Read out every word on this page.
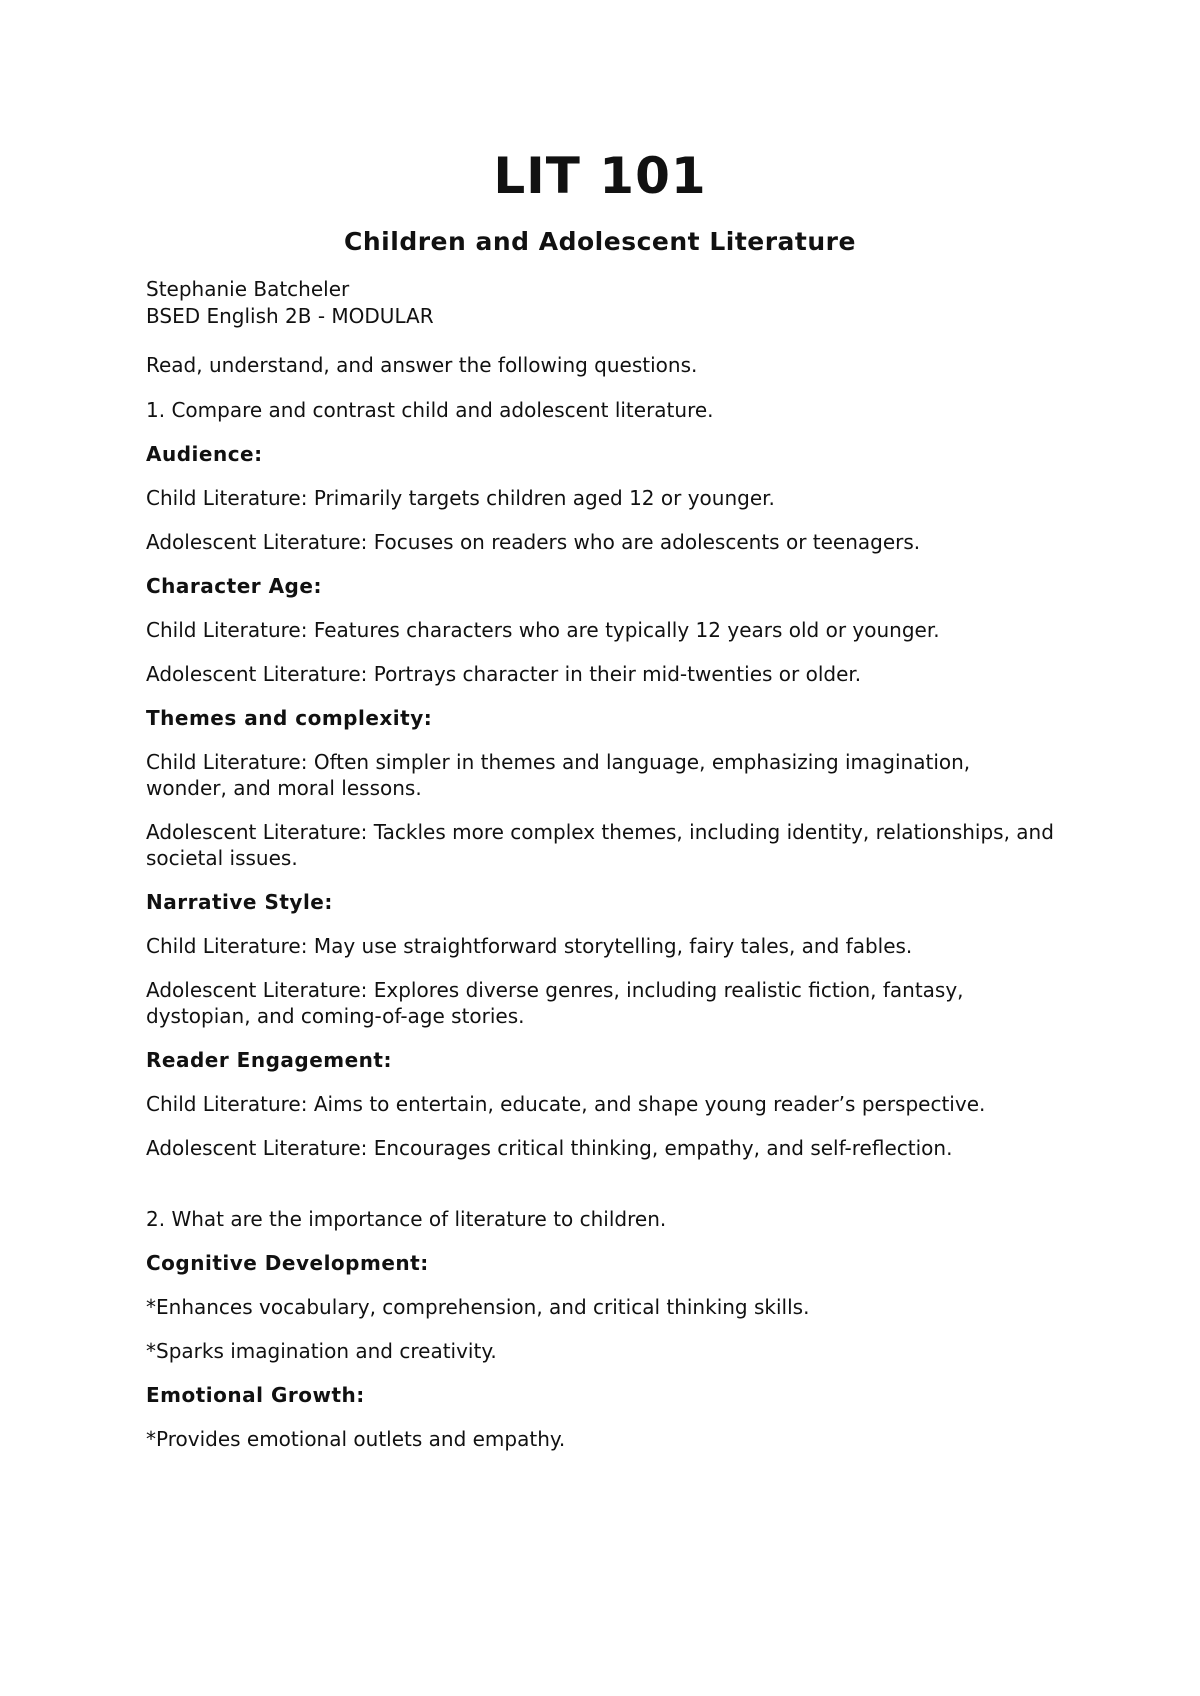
LIT 101
Children and Adolescent Literature
Stephanie Batcheler
BSED English 2B - MODULAR

Read, understand, and answer the following questions.

1. Compare and contrast child and adolescent literature.

Audience:

Child Literature: Primarily targets children aged 12 or younger.

Adolescent Literature: Focuses on readers who are adolescents or teenagers.

Character Age:

Child Literature: Features characters who are typically 12 years old or younger.

Adolescent Literature: Portrays character in their mid-twenties or older.

Themes and complexity:

Child Literature: Often simpler in themes and language, emphasizing imagination, wonder, and moral lessons.

Adolescent Literature: Tackles more complex themes, including identity, relationships, and societal issues.

Narrative Style:

Child Literature: May use straightforward storytelling, fairy tales, and fables.

Adolescent Literature: Explores diverse genres, including realistic fiction, fantasy, dystopian, and coming-of-age stories.

Reader Engagement:

Child Literature: Aims to entertain, educate, and shape young reader’s perspective.

Adolescent Literature: Encourages critical thinking, empathy, and self-reflection.

2. What are the importance of literature to children.

Cognitive Development:

*Enhances vocabulary, comprehension, and critical thinking skills.

*Sparks imagination and creativity.

Emotional Growth:

*Provides emotional outlets and empathy.
